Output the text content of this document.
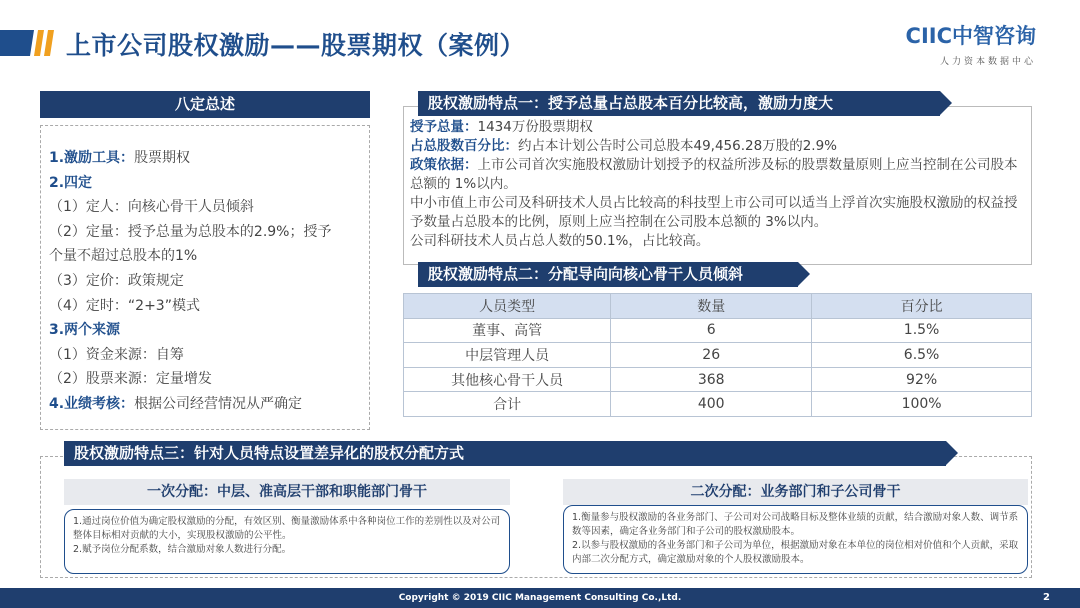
上市公司股权激励——股票期权（案例）	CIIC中智咨询
人力资本数据中心
八定总述
1.激励工具：股票期权
2.四定
（1）定人：向核心骨干人员倾斜
（2）定量：授予总量为总股本的2.9%；授予
个量不超过总股本的1%
（3）定价：政策规定
（4）定时：“2+3”模式
3.两个来源
（1）资金来源：自筹
（2）股票来源：定量增发
4.业绩考核：根据公司经营情况从严确定
股权激励特点一：授予总量占总股本百分比较高，激励力度大
授予总量：1434万份股票期权
占总股数百分比：约占本计划公告时公司总股本49,456.28万股的2.9%
政策依据：上市公司首次实施股权激励计划授予的权益所涉及标的股票数量原则上应当控制在公司股本总额的 1%以内。
中小市值上市公司及科研技术人员占比较高的科技型上市公司可以适当上浮首次实施股权激励的权益授予数量占总股本的比例，原则上应当控制在公司股本总额的 3%以内。
公司科研技术人员占总人数的50.1%，占比较高。
股权激励特点二：分配导向向核心骨干人员倾斜
人员类型	数量	百分比
董事、高管	6	1.5%
中层管理人员	26	6.5%
其他核心骨干人员	368	92%
合计	400	100%
股权激励特点三：针对人员特点设置差异化的股权分配方式
一次分配：中层、准高层干部和职能部门骨干
1.通过岗位价值为确定股权激励的分配，有效区别、衡量激励体系中各种岗位工作的差别性以及对公司整体目标相对贡献的大小，实现股权激励的公平性。
2.赋予岗位分配系数，结合激励对象人数进行分配。
二次分配：业务部门和子公司骨干
1.衡量参与股权激励的各业务部门、子公司对公司战略目标及整体业绩的贡献，结合激励对象人数、调节系数等因素，确定各业务部门和子公司的股权激励股本。
2.以参与股权激励的各业务部门和子公司为单位，根据激励对象在本单位的岗位相对价值和个人贡献，采取内部二次分配方式，确定激励对象的个人股权激励股本。
Copyright © 2019 CIIC Management Consulting Co.,Ltd.	2
